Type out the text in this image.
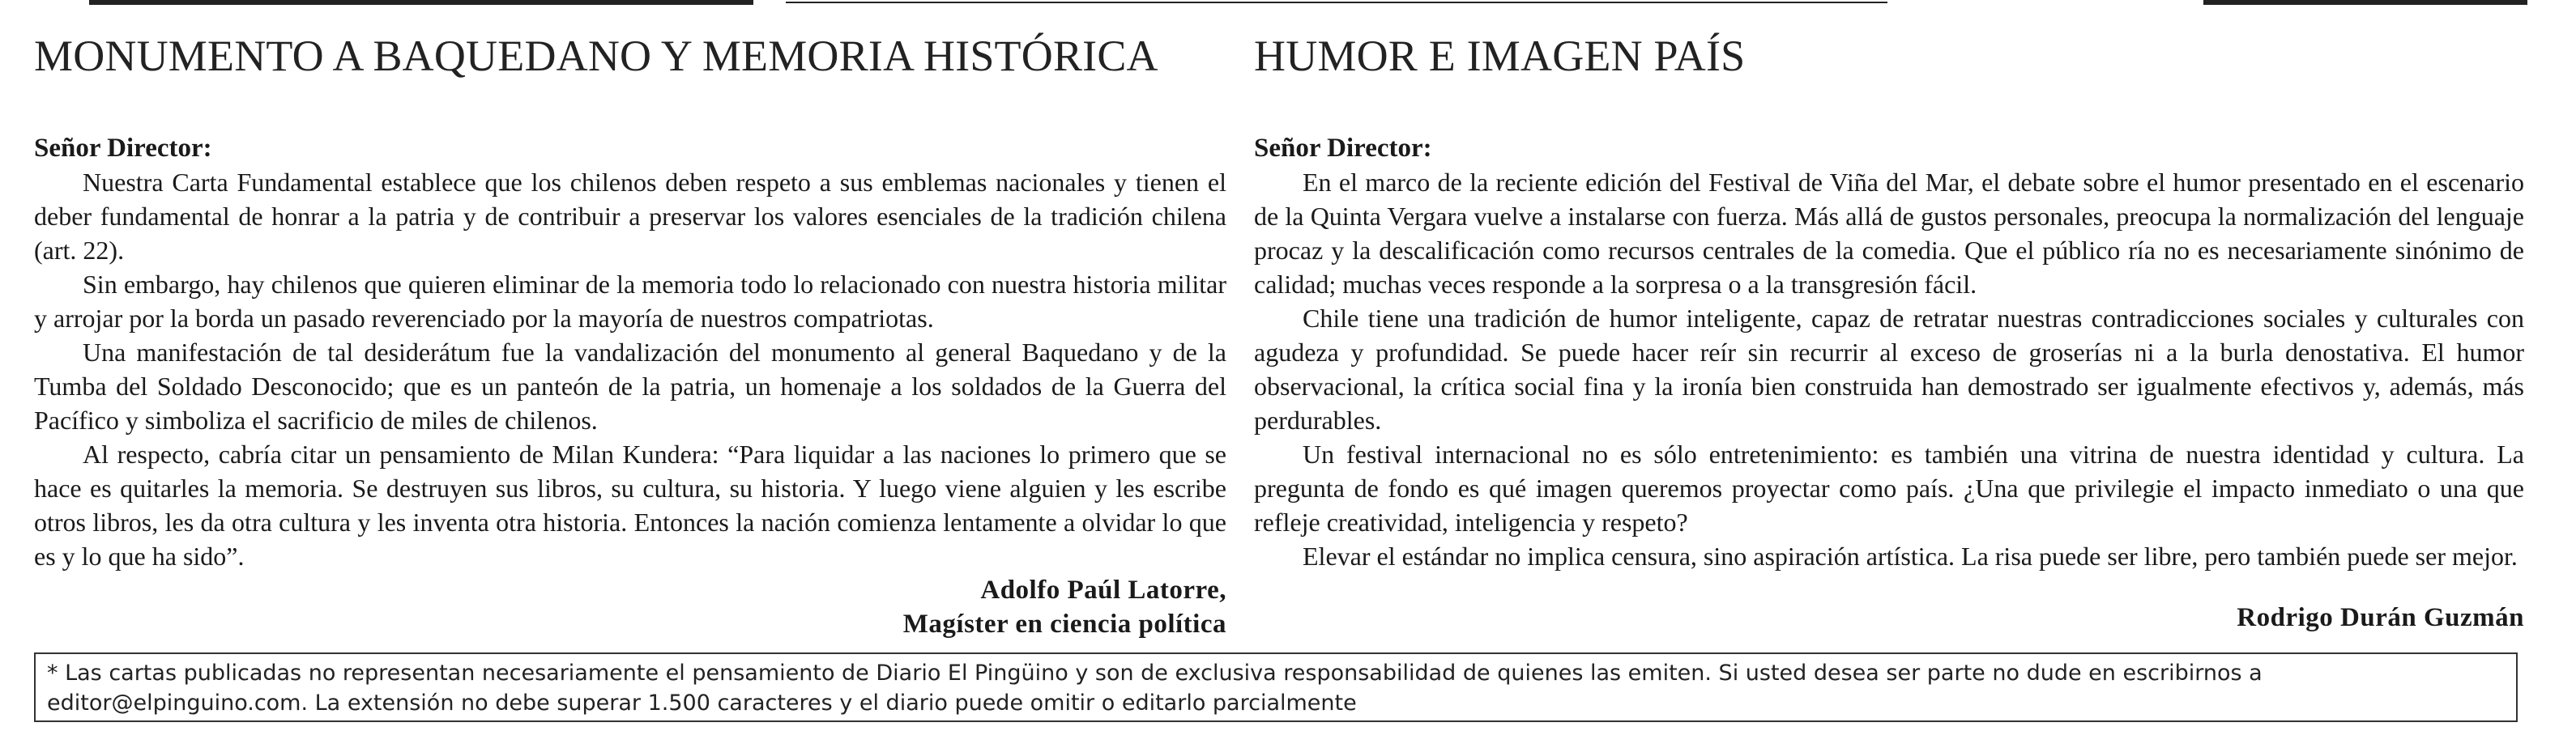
MONUMENTO A BAQUEDANO Y MEMORIA HISTÓRICA
Señor Director:

Nuestra Carta Fundamental establece que los chilenos deben respeto a sus emblemas nacionales y tienen el deber fundamental de honrar a la patria y de contribuir a preservar los valores esenciales de la tradición chilena (art. 22).

Sin embargo, hay chilenos que quieren eliminar de la memoria todo lo relacionado con nuestra historia militar y arrojar por la borda un pasado reverenciado por la mayoría de nuestros compatriotas.

Una manifestación de tal desiderátum fue la vandalización del monumento al general Baquedano y de la Tumba del Soldado Desconocido; que es un panteón de la patria, un homenaje a los soldados de la Guerra del Pacífico y simboliza el sacrificio de miles de chilenos.

Al respecto, cabría citar un pensamiento de Milan Kundera: “Para liquidar a las naciones lo primero que se hace es quitarles la memoria. Se destruyen sus libros, su cultura, su historia. Y luego viene alguien y les escribe otros libros, les da otra cultura y les inventa otra historia. Entonces la nación comienza lentamente a olvidar lo que es y lo que ha sido”.

Adolfo Paúl Latorre,
Magíster en ciencia política
HUMOR E IMAGEN PAÍS
Señor Director:

En el marco de la reciente edición del Festival de Viña del Mar, el debate sobre el humor presentado en el escenario de la Quinta Vergara vuelve a instalarse con fuerza. Más allá de gustos personales, preocupa la normalización del lenguaje procaz y la descalificación como recursos centrales de la comedia. Que el público ría no es necesariamente sinónimo de calidad; muchas veces responde a la sorpresa o a la transgresión fácil.

Chile tiene una tradición de humor inteligente, capaz de retratar nuestras contradicciones sociales y culturales con agudeza y profundidad. Se puede hacer reír sin recurrir al exceso de groserías ni a la burla denostativa. El humor observacional, la crítica social fina y la ironía bien construida han demostrado ser igualmente efectivos y, además, más perdurables.

Un festival internacional no es sólo entretenimiento: es también una vitrina de nuestra identidad y cultura. La pregunta de fondo es qué imagen queremos proyectar como país. ¿Una que privilegie el impacto inmediato o una que refleje creatividad, inteligencia y respeto?

Elevar el estándar no implica censura, sino aspiración artística. La risa puede ser libre, pero también puede ser mejor.

Rodrigo Durán Guzmán
* Las cartas publicadas no representan necesariamente el pensamiento de Diario El Pingüino y son de exclusiva responsabilidad de quienes las emiten. Si usted desea ser parte no dude en escribirnos a editor@elpinguino.com. La extensión no debe superar 1.500 caracteres y el diario puede omitir o editarlo parcialmente
